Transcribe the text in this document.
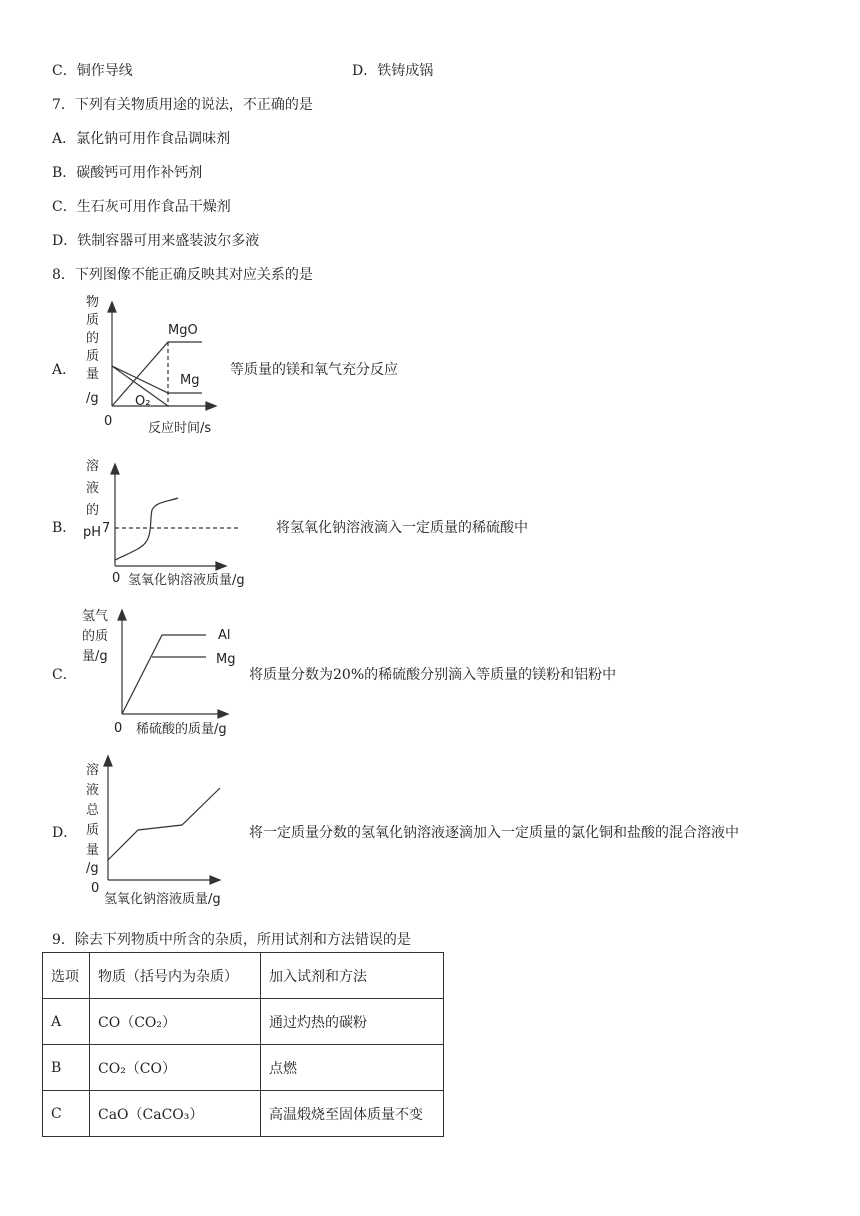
C．铜作导线	D．铁铸成锅
7．下列有关物质用途的说法，不正确的是
A．氯化钠可用作食品调味剂
B．碳酸钙可用作补钙剂
C．生石灰可用作食品干燥剂
D．铁制容器可用来盛装波尔多液
8．下列图像不能正确反映其对应关系的是
A．
物
质
的
质
量
/g
MgO
Mg
O₂
0	反应时间/s
等质量的镁和氧气充分反应
B．
溶
液
的
pH 7
0 氢氧化钠溶液质量/g
将氢氧化钠溶液滴入一定质量的稀硫酸中
C．
氢气
的质
量/g
Al
Mg
0 稀硫酸的质量/g
将质量分数为20%的稀硫酸分别滴入等质量的镁粉和铝粉中
D．
溶
液
总
质
量
/g
0
氢氧化钠溶液质量/g
将一定质量分数的氢氧化钠溶液逐滴加入一定质量的氯化铜和盐酸的混合溶液中
9．除去下列物质中所含的杂质，所用试剂和方法错误的是
选项	物质（括号内为杂质）	加入试剂和方法
A	CO（CO₂）	通过灼热的碳粉
B	CO₂（CO）	点燃
C	CaO（CaCO₃）	高温煅烧至固体质量不变
